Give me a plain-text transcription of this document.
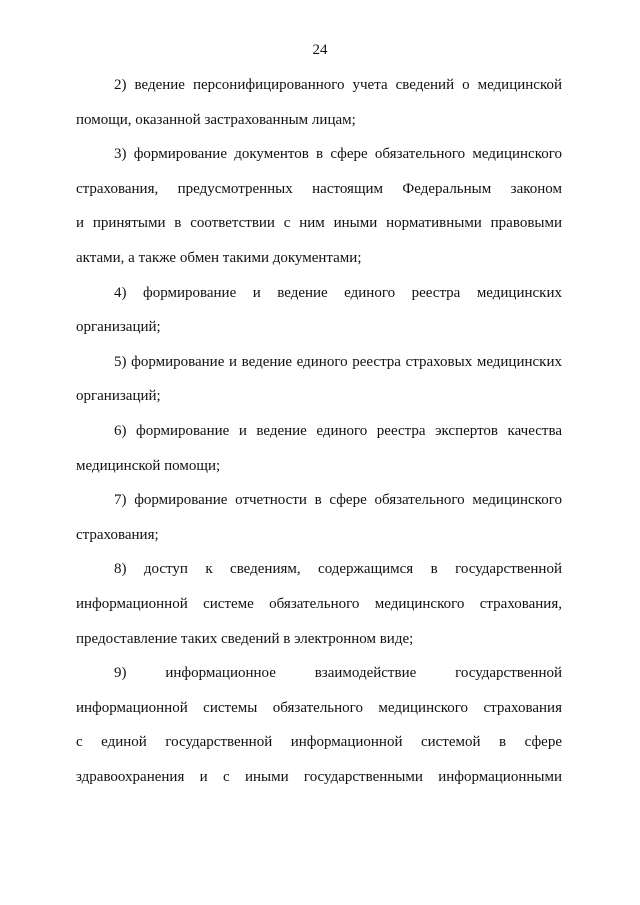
24
2) ведение персонифицированного учета сведений о медицинской
помощи, оказанной застрахованным лицам;
3) формирование документов в сфере обязательного медицинского
страхования, предусмотренных настоящим Федеральным законом
и принятыми в соответствии с ним иными нормативными правовыми
актами, а также обмен такими документами;
4) формирование и ведение единого реестра медицинских
организаций;
5) формирование и ведение единого реестра страховых медицинских
организаций;
6) формирование и ведение единого реестра экспертов качества
медицинской помощи;
7) формирование отчетности в сфере обязательного медицинского
страхования;
8) доступ к сведениям, содержащимся в государственной
информационной системе обязательного медицинского страхования,
предоставление таких сведений в электронном виде;
9) информационное взаимодействие государственной
информационной системы обязательного медицинского страхования
с единой государственной информационной системой в сфере
здравоохранения и с иными государственными информационными
